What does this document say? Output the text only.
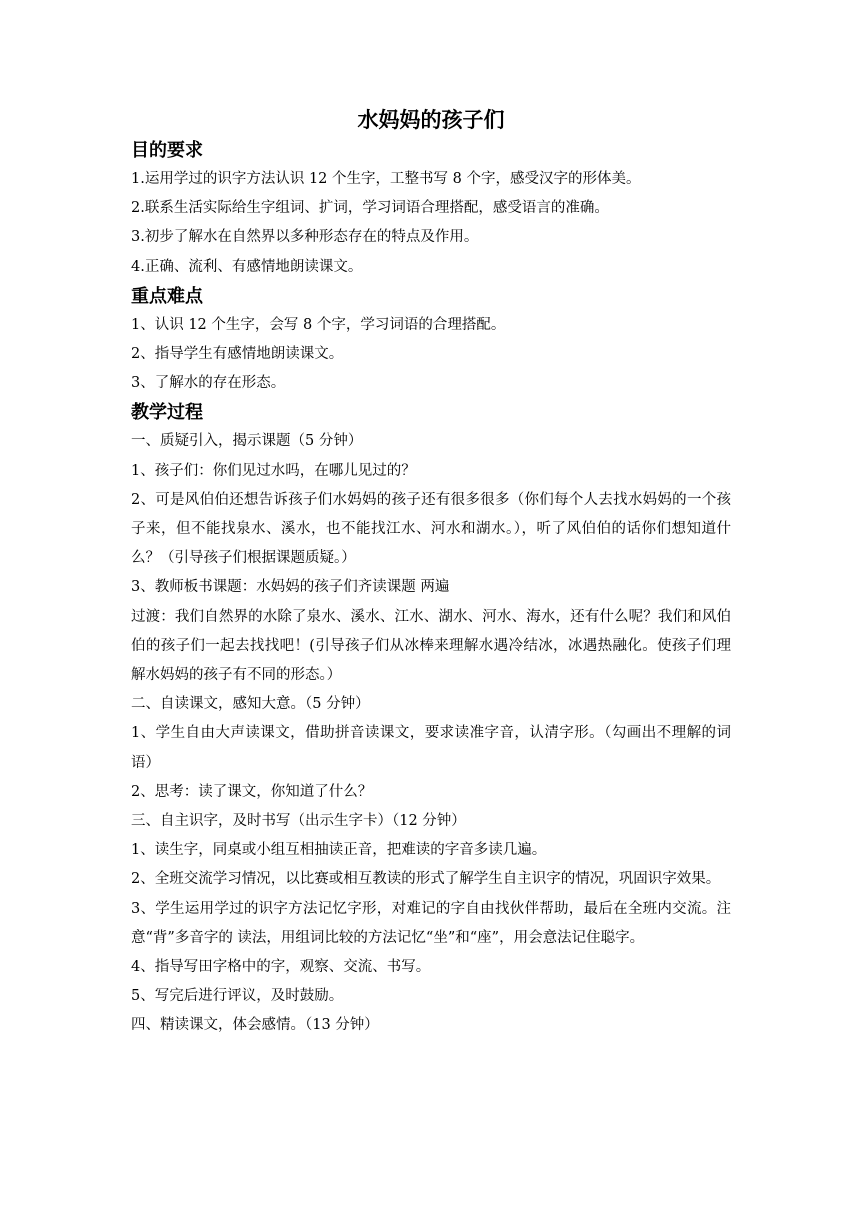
水妈妈的孩子们
目的要求

1.运用学过的识字方法认识 12 个生字，工整书写 8 个字，感受汉字的形体美。

2.联系生活实际给生字组词、扩词，学习词语合理搭配，感受语言的准确。

3.初步了解水在自然界以多种形态存在的特点及作用。

4.正确、流利、有感情地朗读课文。

重点难点

1、认识 12 个生字，会写 8 个字，学习词语的合理搭配。

2、指导学生有感情地朗读课文。

3、了解水的存在形态。

教学过程

一、质疑引入，揭示课题（5 分钟）

1、孩子们：你们见过水吗，在哪儿见过的？

2、可是风伯伯还想告诉孩子们水妈妈的孩子还有很多很多（你们每个人去找水妈妈的一个孩子来，但不能找泉水、溪水，也不能找江水、河水和湖水。），听了风伯伯的话你们想知道什么？（引导孩子们根据课题质疑。）

3、教师板书课题：水妈妈的孩子们齐读课题 两遍

过渡：我们自然界的水除了泉水、溪水、江水、湖水、河水、海水，还有什么呢？我们和风伯伯的孩子们一起去找找吧！(引导孩子们从冰棒来理解水遇冷结冰，冰遇热融化。使孩子们理解水妈妈的孩子有不同的形态。）

二、自读课文，感知大意。（5 分钟）

1、学生自由大声读课文，借助拼音读课文，要求读准字音，认清字形。（勾画出不理解的词语）

2、思考：读了课文，你知道了什么？

三、自主识字，及时书写（出示生字卡）（12 分钟）

1、读生字，同桌或小组互相抽读正音，把难读的字音多读几遍。

2、全班交流学习情况，以比赛或相互教读的形式了解学生自主识字的情况，巩固识字效果。

3、学生运用学过的识字方法记忆字形，对难记的字自由找伙伴帮助，最后在全班内交流。注意“背”多音字的 读法，用组词比较的方法记忆“坐”和“座”，用会意法记住聪字。

4、指导写田字格中的字，观察、交流、书写。

5、写完后进行评议，及时鼓励。

四、精读课文，体会感情。（13 分钟）
